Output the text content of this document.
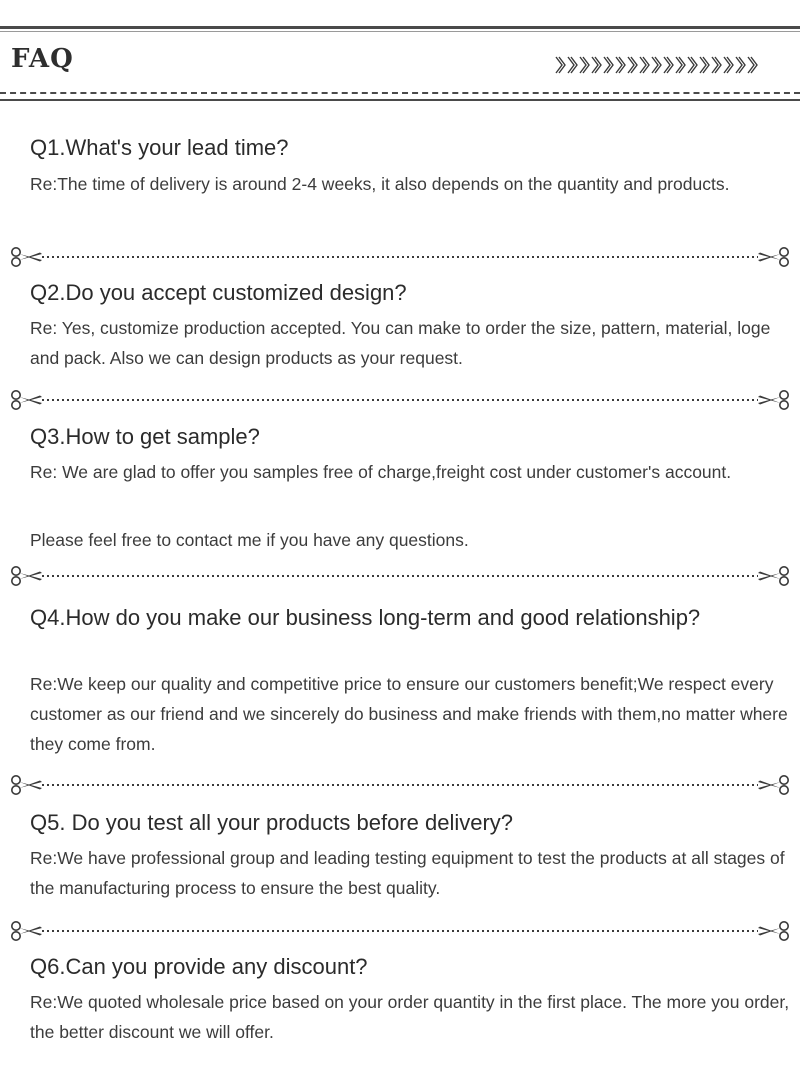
FAQ
Q1.What's your lead time?

Re:The time of delivery is around 2-4 weeks, it also depends on the quantity and products.

Q2.Do you accept customized design?

Re: Yes, customize production accepted. You can make to order the size, pattern, material, loge and pack. Also we can design products as your request.

Q3.How to get sample?

Re: We are glad to offer you samples free of charge,freight cost under customer's account.

Please feel free to contact me if you have any questions.

Q4.How do you make our business long-term and good relationship?

Re:We keep our quality and competitive price to ensure our customers benefit;We respect every customer as our friend and we sincerely do business and make friends with them,no matter where they come from.

Q5. Do you test all your products before delivery?

Re:We have professional group and leading testing equipment to test the products at all stages of the manufacturing process to ensure the best quality.

Q6.Can you provide any discount?

Re:We quoted wholesale price based on your order quantity in the first place. The more you order, the better discount we will offer.
